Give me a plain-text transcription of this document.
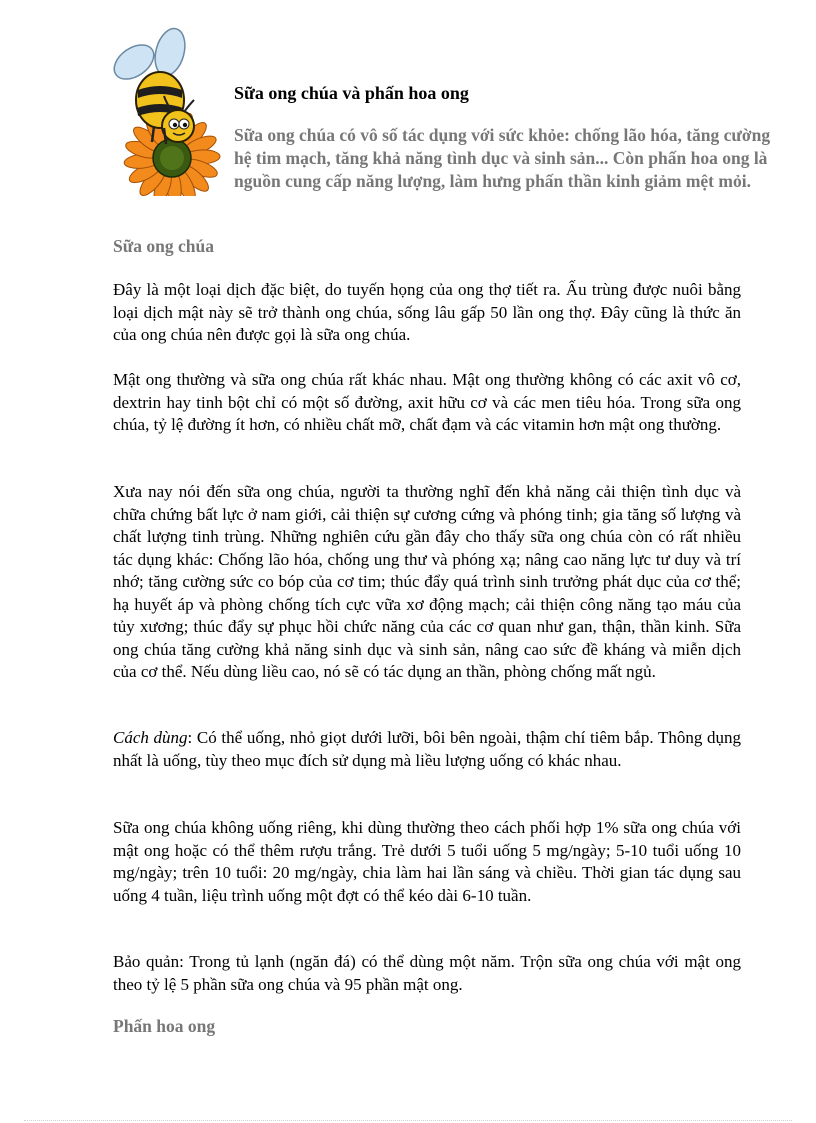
Sữa ong chúa và phấn hoa ong

Sữa ong chúa có vô số tác dụng với sức khỏe: chống lão hóa, tăng cường hệ tim mạch, tăng khả năng tình dục và sinh sản... Còn phấn hoa ong là nguồn cung cấp năng lượng, làm hưng phấn thần kinh giảm mệt mỏi.

Sữa ong chúa

Đây là một loại dịch đặc biệt, do tuyến họng của ong thợ tiết ra. Ấu trùng được nuôi bằng loại dịch mật này sẽ trở thành ong chúa, sống lâu gấp 50 lần ong thợ. Đây cũng là thức ăn của ong chúa nên được gọi là sữa ong chúa.

Mật ong thường và sữa ong chúa rất khác nhau. Mật ong thường không có các axit vô cơ, dextrin hay tinh bột chỉ có một số đường, axit hữu cơ và các men tiêu hóa. Trong sữa ong chúa, tỷ lệ đường ít hơn, có nhiều chất mỡ, chất đạm và các vitamin hơn mật ong thường.

Xưa nay nói đến sữa ong chúa, người ta thường nghĩ đến khả năng cải thiện tình dục và chữa chứng bất lực ở nam giới, cải thiện sự cương cứng và phóng tinh; gia tăng số lượng và chất lượng tinh trùng. Những nghiên cứu gần đây cho thấy sữa ong chúa còn có rất nhiều tác dụng khác: Chống lão hóa, chống ung thư và phóng xạ; nâng cao năng lực tư duy và trí nhớ; tăng cường sức co bóp của cơ tim; thúc đẩy quá trình sinh trưởng phát dục của cơ thể; hạ huyết áp và phòng chống tích cực vữa xơ động mạch; cải thiện công năng tạo máu của tủy xương; thúc đẩy sự phục hồi chức năng của các cơ quan như gan, thận, thần kinh. Sữa ong chúa tăng cường khả năng sinh dục và sinh sản, nâng cao sức đề kháng và miễn dịch của cơ thể. Nếu dùng liều cao, nó sẽ có tác dụng an thần, phòng chống mất ngủ.

Cách dùng: Có thể uống, nhỏ giọt dưới lưỡi, bôi bên ngoài, thậm chí tiêm bắp. Thông dụng nhất là uống, tùy theo mục đích sử dụng mà liều lượng uống có khác nhau.

Sữa ong chúa không uống riêng, khi dùng thường theo cách phối hợp 1% sữa ong chúa với mật ong hoặc có thể thêm rượu trắng. Trẻ dưới 5 tuổi uống 5 mg/ngày; 5-10 tuổi uống 10 mg/ngày; trên 10 tuổi: 20 mg/ngày, chia làm hai lần sáng và chiều. Thời gian tác dụng sau uống 4 tuần, liệu trình uống một đợt có thể kéo dài 6-10 tuần.

Bảo quản: Trong tủ lạnh (ngăn đá) có thể dùng một năm. Trộn sữa ong chúa với mật ong theo tỷ lệ 5 phần sữa ong chúa và 95 phần mật ong.

Phấn hoa ong
